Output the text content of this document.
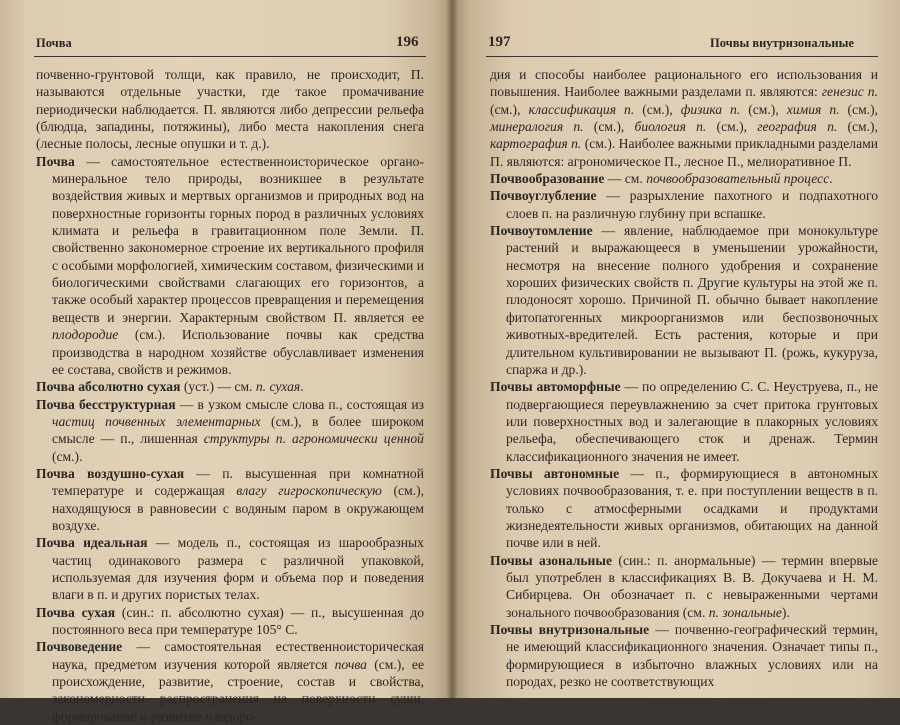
Почва	196

почвенно-грунтовой толщи, как правило, не происходит, П. называются отдельные участки, где такое промачивание периодически наблюдается. П. являются либо депрессии рельефа (блюдца, западины, потяжины), либо места накопления снега (лесные полосы, лесные опушки и т. д.).

Почва — самостоятельное естественноисторическое органо-минеральное тело природы, возникшее в результате воздействия живых и мертвых организмов и природных вод на поверхностные горизонты горных пород в различных условиях климата и рельефа в гравитационном поле Земли. П. свойственно закономерное строение их вертикального профиля с особыми морфологией, химическим составом, физическими и биологическими свойствами слагающих его горизонтов, а также особый характер процессов превращения и перемещения веществ и энергии. Характерным свойством П. является ее плодородие (см.). Использование почвы как средства производства в народном хозяйстве обуславливает изменения ее состава, свойств и режимов.

Почва абсолютно сухая (уст.) — см. п. сухая.

Почва бесструктурная — в узком смысле слова п., состоящая из частиц почвенных элементарных (см.), в более широком смысле — п., лишенная структуры п. агрономически ценной (см.).

Почва воздушно-сухая — п. высушенная при комнатной температуре и содержащая влагу гигроскопическую (см.), находящуюся в равновесии с водяным паром в окружающем воздухе.

Почва идеальная — модель п., состоящая из шарообразных частиц одинакового размера с различной упаковкой, используемая для изучения форм и объема пор и поведения влаги в п. и других пористых телах.

Почва сухая (син.: п. абсолютно сухая) — п., высушенная до постоянного веса при температуре 105° С.

Почвоведение — самостоятельная естественноисторическая наука, предметом изучения которой является почва (см.), ее происхождение, развитие, строение, состав и свойства, закономерности распространения на поверхности суши, формирование и развитие плодоро-

197	Почвы внутризональные

дия и способы наиболее рационального его использования и повышения. Наиболее важными разделами п. являются: генезис п. (см.), классификация п. (см.), физика п. (см.), химия п. (см.), минералогия п. (см.), биология п. (см.), география п. (см.), картография п. (см.). Наиболее важными прикладными разделами П. являются: агрономическое П., лесное П., мелиоративное П.

Почвообразование — см. почвообразовательный процесс.

Почвоуглубление — разрыхление пахотного и подпахотного слоев п. на различную глубину при вспашке.

Почвоутомление — явление, наблюдаемое при монокультуре растений и выражающееся в уменьшении урожайности, несмотря на внесение полного удобрения и сохранение хороших физических свойств п. Другие культуры на этой же п. плодоносят хорошо. Причиной П. обычно бывает накопление фитопатогенных микроорганизмов или беспозвоночных животных-вредителей. Есть растения, которые и при длительном культивировании не вызывают П. (рожь, кукуруза, спаржа и др.).

Почвы автоморфные — по определению С. С. Неуструева, п., не подвергающиеся переувлажнению за счет притока грунтовых или поверхностных вод и залегающие в плакорных условиях рельефа, обеспечивающего сток и дренаж. Термин классификационного значения не имеет.

Почвы автономные — п., формирующиеся в автономных условиях почвообразования, т. е. при поступлении веществ в п. только с атмосферными осадками и продуктами жизнедеятельности живых организмов, обитающих на данной почве или в ней.

Почвы азональные (син.: п. анормальные) — термин впервые был употреблен в классификациях В. В. Докучаева и Н. М. Сибирцева. Он обозначает п. с невыраженными чертами зонального почвообразования (см. п. зональные).

Почвы внутризональные — почвенно-географический термин, не имеющий классификационного значения. Означает типы п., формирующиеся в избыточно влажных условиях или на породах, резко не соответствующих
